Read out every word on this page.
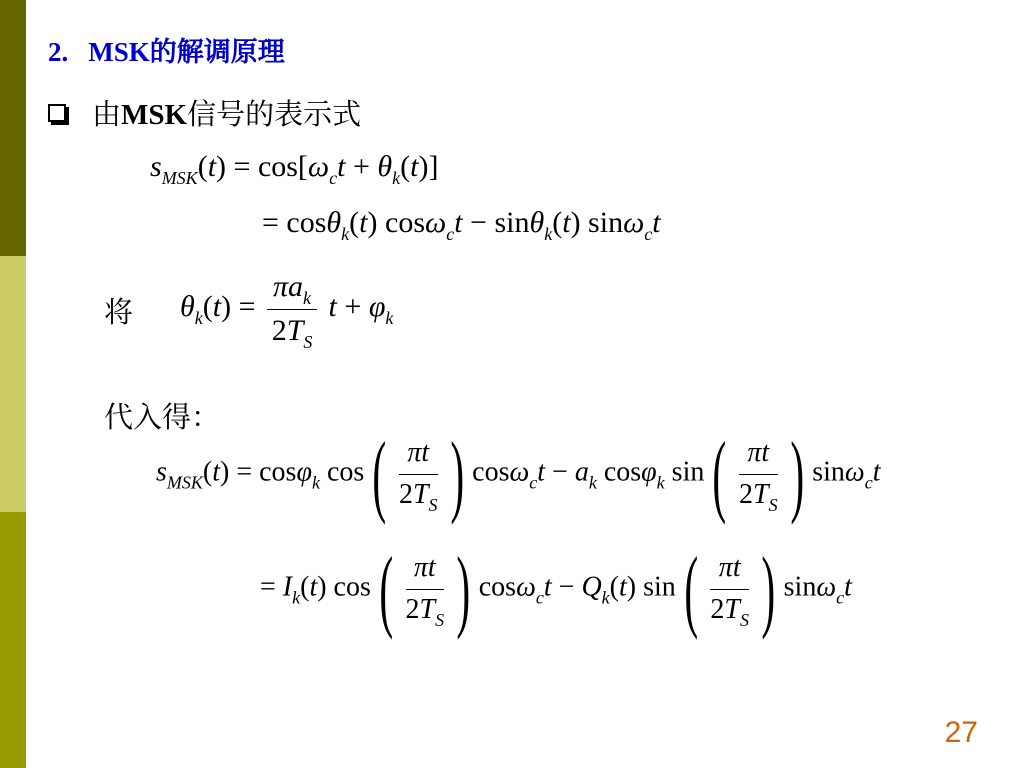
2. MSK的解调原理
由MSK信号的表示式
$s_{MSK}(t) = \cos[\omega_ct + \theta_k(t)]$
= cosθ$_k$(t) cosω$_c$t − sinθ$_k$(t) sinω$_c$t
将 $\theta_k(t) = \frac{\pi a_k}{2T_S}$ $t + \varphi_k$
代入得：
$s_{MSK}(t) = \cos\varphi_k$ $\cos( \frac{\pi t}{2T_S}$ ) $\cos\omega_ct - a_k$ cosφ$_k$ $\sin( \frac{\pi t}{2T_S}$ ) sinω$_c$t
= $I_k(t)$ $\cos( \frac{\pi t}{2T_S}$ ) $\cos\omega_ct - Q_k(t)$ $\sin( \frac{\pi t}{2T_S}$ ) sinω$_c$t
27
